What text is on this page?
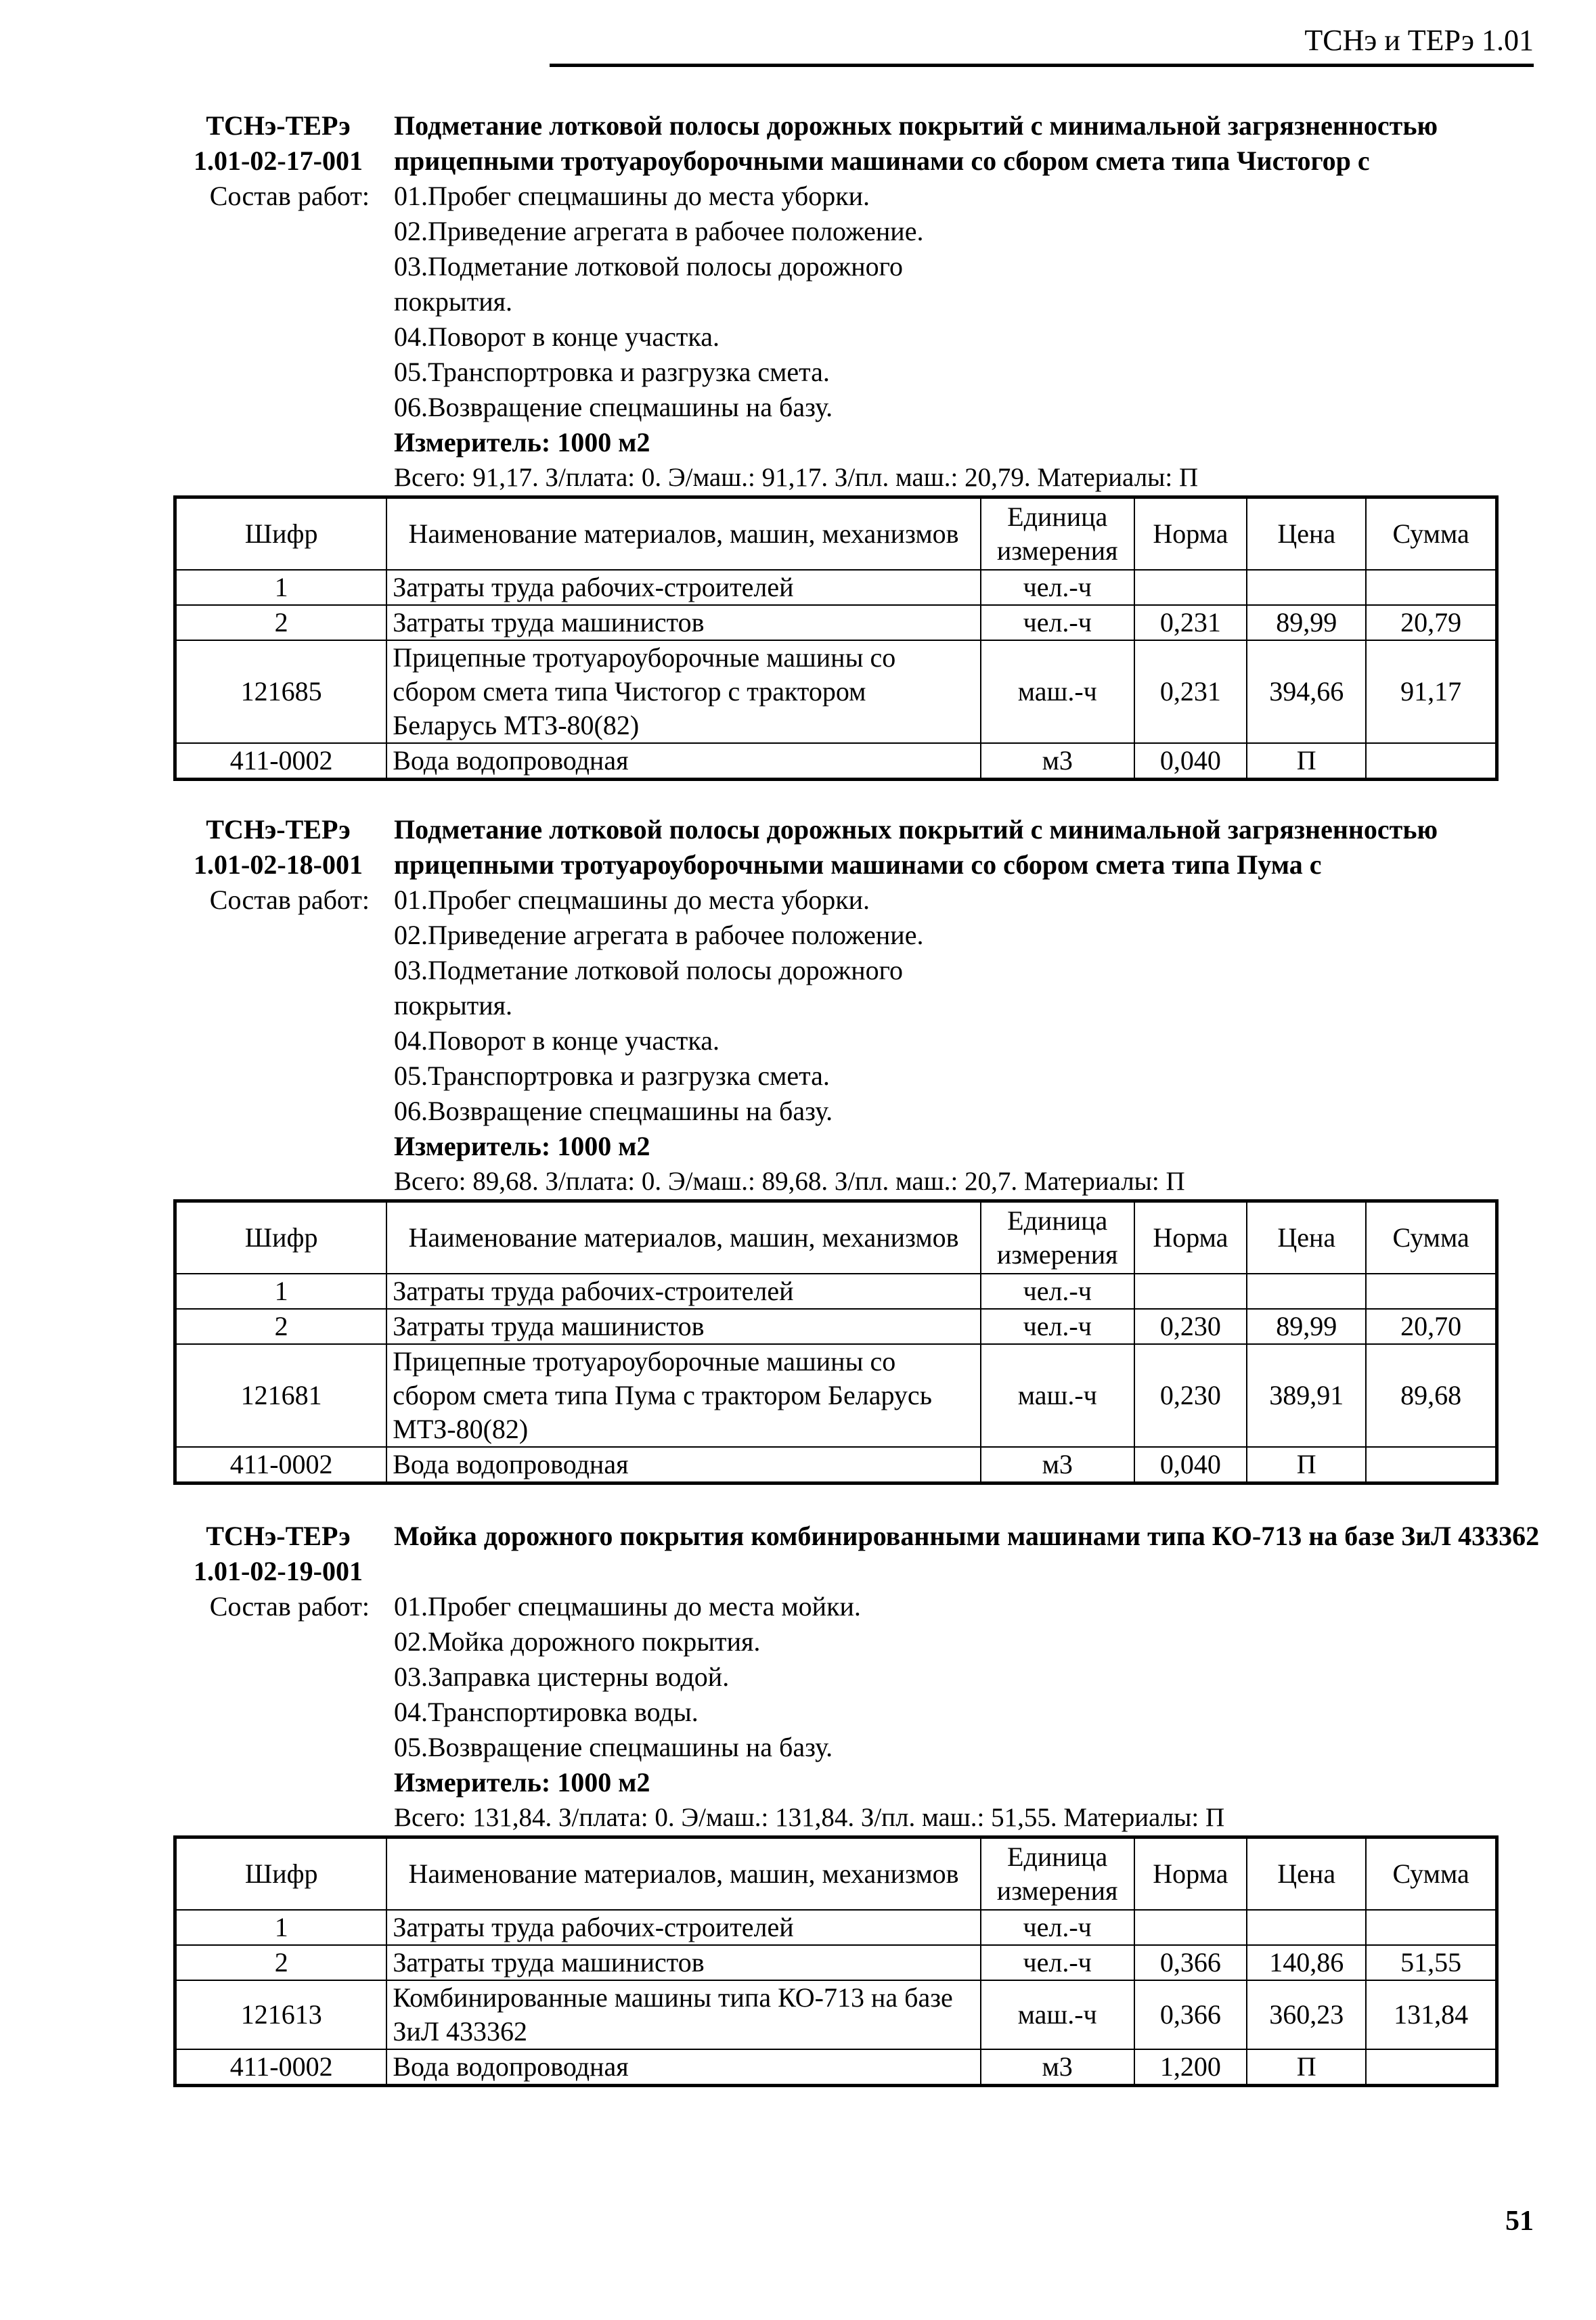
ТСНэ и ТЕРэ 1.01
ТСНэ-ТЕРэ
1.01-02-17-001
Состав работ:
Подметание лотковой полосы дорожных покрытий с минимальной загрязненностью прицепными тротуароуборочными машинами со сбором смета типа Чистогор с
01.Пробег спецмашины до места уборки.
02.Приведение агрегата в рабочее положение.
03.Подметание лотковой полосы дорожного
покрытия.
04.Поворот в конце участка.
05.Транспортровка и разгрузка смета.
06.Возвращение спецмашины на базу.
Измеритель: 1000 м2
Всего: 91,17. З/плата: 0. Э/маш.: 91,17. З/пл. маш.: 20,79. Материалы: П
Шифр	Наименование материалов, машин, механизмов	Единица измерения	Норма	Цена	Сумма
1	Затраты труда рабочих-строителей	чел.-ч			
2	Затраты труда машинистов	чел.-ч	0,231	89,99	20,79
121685	Прицепные тротуароуборочные машины со сбором смета типа Чистогор с трактором Беларусь МТЗ-80(82)	маш.-ч	0,231	394,66	91,17
411-0002	Вода водопроводная	м3	0,040	П	
ТСНэ-ТЕРэ
1.01-02-18-001
Состав работ:
Подметание лотковой полосы дорожных покрытий с минимальной загрязненностью прицепными тротуароуборочными машинами со сбором смета типа Пума с
01.Пробег спецмашины до места уборки.
02.Приведение агрегата в рабочее положение.
03.Подметание лотковой полосы дорожного
покрытия.
04.Поворот в конце участка.
05.Транспортровка и разгрузка смета.
06.Возвращение спецмашины на базу.
Измеритель: 1000 м2
Всего: 89,68. З/плата: 0. Э/маш.: 89,68. З/пл. маш.: 20,7. Материалы: П
Шифр	Наименование материалов, машин, механизмов	Единица измерения	Норма	Цена	Сумма
1	Затраты труда рабочих-строителей	чел.-ч			
2	Затраты труда машинистов	чел.-ч	0,230	89,99	20,70
121681	Прицепные тротуароуборочные машины со сбором смета типа Пума с трактором Беларусь МТЗ-80(82)	маш.-ч	0,230	389,91	89,68
411-0002	Вода водопроводная	м3	0,040	П	
ТСНэ-ТЕРэ
1.01-02-19-001
Состав работ:
Мойка дорожного покрытия комбинированными машинами типа КО-713 на базе ЗиЛ 433362
01.Пробег спецмашины до места мойки.
02.Мойка дорожного покрытия.
03.Заправка цистерны водой.
04.Транспортировка воды.
05.Возвращение спецмашины на базу.
Измеритель: 1000 м2
Всего: 131,84. З/плата: 0. Э/маш.: 131,84. З/пл. маш.: 51,55. Материалы: П
Шифр	Наименование материалов, машин, механизмов	Единица измерения	Норма	Цена	Сумма
1	Затраты труда рабочих-строителей	чел.-ч			
2	Затраты труда машинистов	чел.-ч	0,366	140,86	51,55
121613	Комбинированные машины типа КО-713 на базе ЗиЛ 433362	маш.-ч	0,366	360,23	131,84
411-0002	Вода водопроводная	м3	1,200	П	
51
